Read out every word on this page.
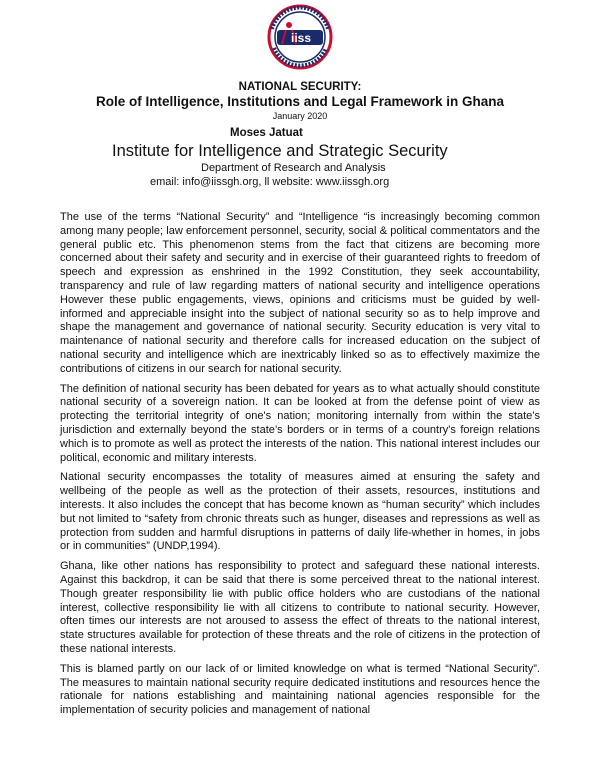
iiss
NATIONAL SECURITY:
Role of Intelligence, Institutions and Legal Framework in Ghana
January 2020
Moses Jatuat
Institute for Intelligence and Strategic Security
Department of Research and Analysis
email: info@iissgh.org, ll website: www.iissgh.org

The use of the terms “National Security” and “Intelligence “is increasingly becoming common among many people; law enforcement personnel, security, social & political commentators and the general public etc. This phenomenon stems from the fact that citizens are becoming more concerned about their safety and security and in exercise of their guaranteed rights to freedom of speech and expression as enshrined in the 1992 Constitution, they seek accountability, transparency and rule of law regarding matters of national security and intelligence operations However these public engagements, views, opinions and criticisms must be guided by well- informed and appreciable insight into the subject of national security so as to help improve and shape the management and governance of national security. Security education is very vital to maintenance of national security and therefore calls for increased education on the subject of national security and intelligence which are inextricably linked so as to effectively maximize the contributions of citizens in our search for national security.

The definition of national security has been debated for years as to what actually should constitute national security of a sovereign nation. It can be looked at from the defense point of view as protecting the territorial integrity of one's nation; monitoring internally from within the state’s jurisdiction and externally beyond the state’s borders or in terms of a country's foreign relations which is to promote as well as protect the interests of the nation. This national interest includes our political, economic and military interests.

National security encompasses the totality of measures aimed at ensuring the safety and wellbeing of the people as well as the protection of their assets, resources, institutions and interests. It also includes the concept that has become known as “human security” which includes but not limited to “safety from chronic threats such as hunger, diseases and repressions as well as protection from sudden and harmful disruptions in patterns of daily life-whether in homes, in jobs or in communities” (UNDP,1994).

Ghana, like other nations has responsibility to protect and safeguard these national interests. Against this backdrop, it can be said that there is some perceived threat to the national interest. Though greater responsibility lie with public office holders who are custodians of the national interest, collective responsibility lie with all citizens to contribute to national security. However, often times our interests are not aroused to assess the effect of threats to the national interest, state structures available for protection of these threats and the role of citizens in the protection of these national interests.

This is blamed partly on our lack of or limited knowledge on what is termed “National Security”. The measures to maintain national security require dedicated institutions and resources hence the rationale for nations establishing and maintaining national agencies responsible for the implementation of security policies and management of national
